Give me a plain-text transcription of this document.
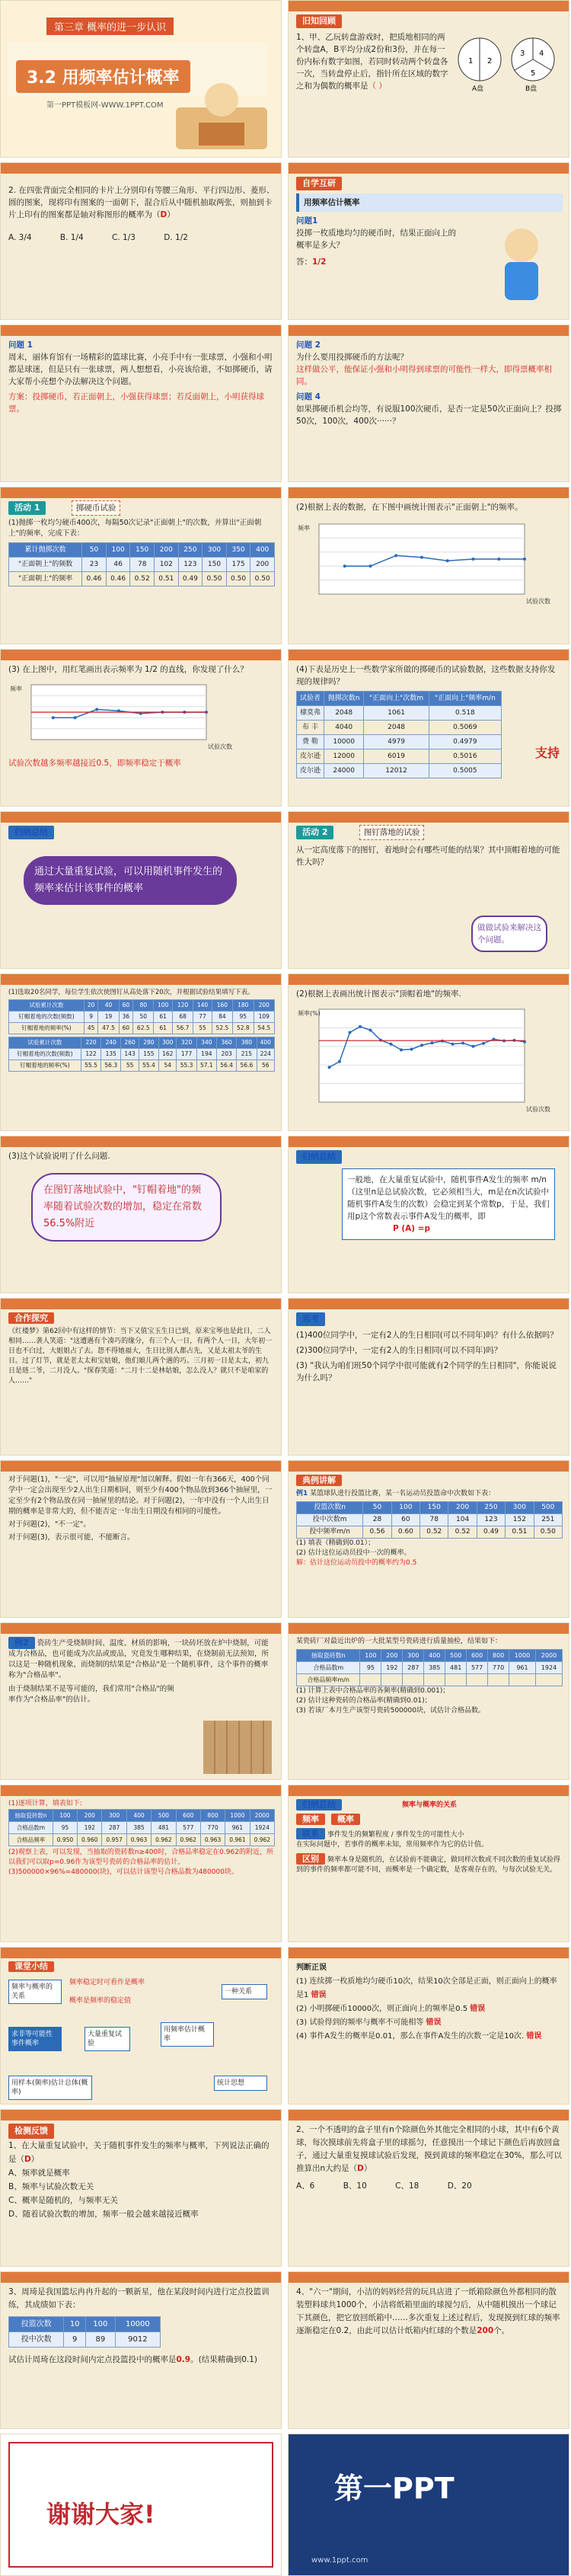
第三章 概率的进一步认识
3.2 用频率估计概率
第一PPT模板网-WWW.1PPT.COM
旧知回顾
1、甲、乙玩转盘游戏时，把质地相同的两个转盘A，B平均分成2份和3份，并在每一份内标有数字如图，若同时转动两个转盘各一次，当转盘停止后，指针所在区域的数字之和为偶数的概率是（ ）
1 2
3 4
5
A盘	B盘
2. 在四张背面完全相同的卡片上分别印有等腰三角形、平行四边形、菱形、圆的图案，现将印有图案的一面朝下，混合后从中随机抽取两张，则抽到卡片上印有的图案都是轴对称图形的概率为（D）
A. 3/4	B. 1/4	C. 1/3	D. 1/2
自学互研
用频率估计概率
问题1
投掷一枚质地均匀的硬币时，结果正面向上的概率是多大？
答：1/2
问题 1
周末，丽体育馆有一场精彩的篮球比赛，小亮手中有一张球票，小强和小明都是球迷，但是只有一张球票，两人想想看，小亮该给谁，不如掷硬币，请大家帮小亮想个办法解决这个问题。
方案：投掷硬币，若正面朝上，小强获得球票；若反面朝上，小明获得球票。
问题 2
为什么要用投掷硬币的方法呢？
这样做公平，能保证小强和小明得到球票的可能性一样大，即得票概率相同。
问题 4
如果掷硬币机会均等，有说服100次硬币，是否一定是50次正面向上？投掷50次，100次，400次······？
活动 1	掷硬币试验
(1)抛掷一枚均匀硬币400次，每隔50次记录"正面朝上"的次数，并算出"正面朝上"的频率，完成下表：
累计抛掷次数	50	100	150	200	250	300	350	400
"正面朝上"的频数	23	46	78	102	123	150	175	200
"正面朝上"的频率	0.46	0.46	0.52	0.51	0.49	0.50	0.50	0.50
(2)根据上表的数据，在下图中画统计图表示"正面朝上"的频率。
频率
试验次数
(3) 在上图中，用红笔画出表示频率为 1/2 的直线，你发现了什么？
频率
试验次数
试验次数越多频率越接近0.5，即频率稳定于概率
(4)下表是历史上一些数学家所做的掷硬币的试验数据，这些数据支持你发现的规律吗？
试验者	抛掷次数n	"正面向上"次数m	"正面向上"频率m/n
棣莫弗	2048	1061	0.518
布 丰	4040	2048	0.5069
费 勒	10000	4979	0.4979
皮尔逊	12000	6019	0.5016
皮尔逊	24000	12012	0.5005
支持
归纳总结
通过大量重复试验，可以用随机事件发生的频率来估计该事件的概率
活动 2	图钉落地的试验
从一定高度落下的图钉，着地时会有哪些可能的结果？其中顶帽着地的可能性大吗？
做做试验来解决这个问题。
(1)选取20名同学，每位学生依次使图钉从高处落下20次，并根据试验结果填写下表。
试验累计次数	20	40	60	80	100	120	140	160	180	200
钉帽着地的次数(频数)	9	19	36	50	61	68	77	84	95	109
钉帽着地的频率(%)	45	47.5	60	62.5	61	56.7	55	52.5	52.8	54.5
试验累计次数	220	240	260	280	300	320	340	360	380	400
钉帽着地的次数(频数)	122	135	143	155	162	177	194	203	215	224
钉帽着地的频率(%)	55.5	56.3	55	55.4	54	55.3	57.1	56.4	56.6	56
(2)根据上表画出统计图表示"顶帽着地"的频率.
频率(%)
试验次数
(3)这个试验说明了什么问题.
在图钉落地试验中，"钉帽着地"的频率随着试验次数的增加，稳定在常数56.5%附近
归纳总结
一般地，在大量重复试验中，随机事件A发生的频率 m/n（这里n是总试验次数，它必须相当大，m是在n次试验中随机事件A发生的次数）会稳定到某个常数p，于是，我们用p这个常数表示事件A发生的概率，即
P (A) =p
合作探究
《红楼梦》第62回中有这样的情节：当下又值宝玉生日已到，原来宝琴也是此日，二人相同……袭人笑道："这遭遇有个凑巧的缘分，有三个人一日，有两个人一日，大年初一日也不白过，大姐姐占了去。怨不得她福大，生日比别人都占先，又是太祖太爷的生日。过了灯节，就是老太太和宝姑娘，他们娘儿两个遇的巧。三月初一日是太太，初九日是琏二爷，二月没人。"探春笑道："二月十二是林姑娘，怎么没人？就只不是咱家的人……"
思考
(1)400位同学中，一定有2人的生日相同(可以不同年)吗？有什么依据吗？
(2)300位同学中，一定有2人的生日相同(可以不同年)吗？
(3) "我认为咱们班50个同学中很可能就有2个同学的生日相同"，你能说说为什么吗？
对于问题(1)，"一定"，可以用"抽屉原理"加以解释。假如一年有366天，400个同学中一定会出现至少2人出生日期相同，则至少有400个物品放到366个抽屉里，一定至少有2个物品放在同一抽屉里的结论。对于问题(2)，一年中没有一个人出生日期的概率是非常大的，但不能否定一年出生日期没有相同的可能性。
对于问题(2)，"不一定"。
对于问题(3)，表示很可能，不能断言。
典例讲解
例1 某篮球队进行投篮比赛，某一名运动员投篮命中次数如下表：
投篮次数n	50	100	150	200	250	300	500
投中次数m	28	60	78	104	123	152	251
投中频率m/n	0.56	0.60	0.52	0.52	0.49	0.51	0.50
(1) 填表（精确到0.01）；
(2) 估计这位运动员投中一次的概率。
解：估计这位运动员投中的概率约为0.5
例2 瓷砖生产受烧制时间、温度、材质的影响，一块砖坯放在炉中烧制，可能成为合格品，也可能成为次品或废品，究竟发生哪种结果，在烧制前无法预知，所以这是一种随机现象，而烧制的结果是"合格品"是一个随机事件，这个事件的概率称为"合格品率"。
由于烧制结果不是等可能的，我们常用"合格品"的频率作为"合格品率"的估计。
某瓷砖厂对最近出炉的一大批某型号瓷砖进行质量抽检，结果如下：
抽取瓷砖数n	100	200	300	400	500	600	800	1000	2000
合格品数m	95	192	287	385	481	577	770	961	1924
合格品频率m/n									
(1) 计算上表中合格品率的各频率(精确到0.001)；
(2) 估计这种瓷砖的合格品率(精确到0.01)；
(3) 若该厂本月生产该型号瓷砖500000块，试估计合格品数。
(1)逐项计算，填表如下:
抽取瓷砖数n	100	200	300	400	500	600	800	1000	2000
合格品数m	95	192	287	385	481	577	770	961	1924
合格品频率	0.950	0.960	0.957	0.963	0.962	0.962	0.963	0.961	0.962
(2)观察上表，可以发现，当抽取的瓷砖数n≥400时，合格品率稳定在0.962的附近，所以我们可以取p=0.96作为该型号瓷砖的合格品率的估计。
(3)500000×96%=480000(块)，可以估计该型号合格品数为480000块。
归纳总结	频率与概率的关系
频率	概率
联系 事件发生的频繁程度 / 事件发生的可能性大小
在实际问题中，若事件的概率未知，常用频率作为它的估计值。
区别 频率本身是随机的，在试验前不能确定，做同样次数或不同次数的重复试验得到的事件的频率都可能不同，而概率是一个确定数，是客观存在的，与每次试验无关。
课堂小结
频率与概率的关系
频率稳定时可看作是概率
概率是频率的稳定值
求非等可能性事件概率
大量重复试验
用频率估计概率
一种关系
用样本(频率)估计总体(概率)
统计思想
判断正误
(1) 连续掷一枚质地均匀硬币10次，结果10次全部是正面，则正面向上的概率是1 错误
(2) 小明掷硬币10000次，则正面向上的频率是0.5 错误
(3) 试验得到的频率与概率不可能相等 错误
(4) 事件A发生的概率是0.01，那么在事件A发生的次数一定是10次. 错误
检测反馈
1、在大量重复试验中，关于随机事件发生的频率与概率，下列说法正确的是（D）
A、频率就是概率
B、频率与试验次数无关
C、概率是随机的，与频率无关
D、随着试验次数的增加，频率一般会越来越接近概率
2、一个不透明的盒子里有n个除颜色外其他完全相同的小球，其中有6个黄球，每次摸球前先将盒子里的球摇匀，任意摸出一个球记下颜色后再放回盒子，通过大量重复摸球试验后发现，摸到黄球的频率稳定在30%，那么可以推算出n大约是（D）
A、6	B、10	C、18	D、20
3、周琦是我国篮坛冉冉升起的一颗新星，他在某段时间内进行定点投篮训练，其成绩如下表：
投篮次数	10	100	10000
投中次数	9	89	9012
试估计周琦在这段时间内定点投篮投中的概率是0.9。(结果精确到0.1)
4、"六一"期间，小洁的妈妈经营的玩具店进了一纸箱除颜色外都相同的散装塑料球共1000个，小洁将纸箱里面的球搅匀后，从中随机摸出一个球记下其颜色，把它放回纸箱中……多次重复上述过程后，发现摸到红球的频率逐渐稳定在0.2，由此可以估计纸箱内红球的个数是200个。
谢谢大家!
第一PPT
www.1ppt.com
